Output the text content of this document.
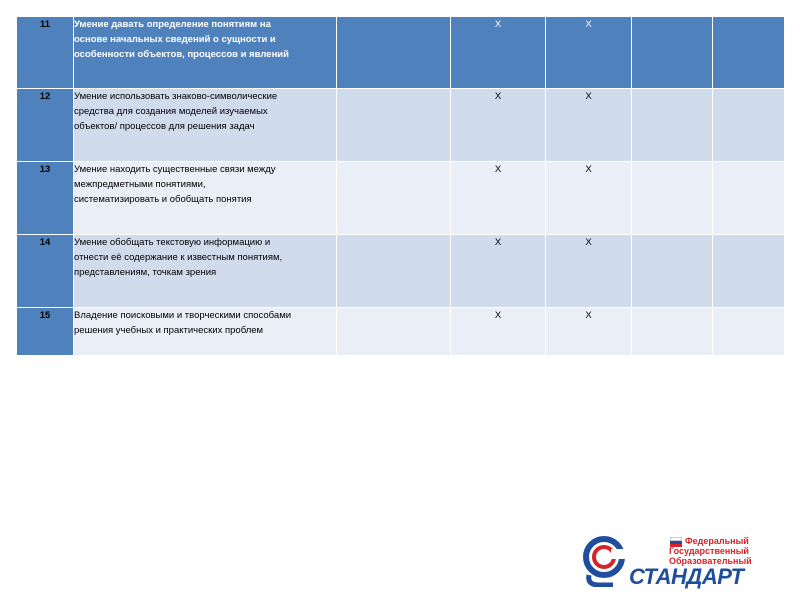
11	Умение давать определение понятиям на
основе начальных сведений о сущности и
особенности объектов, процессов и явлений		Х	Х		
12	Умение использовать знаково-символические
средства для создания моделей изучаемых
объектов/ процессов для решения задач		Х	Х		
13	Умение находить существенные связи между
межпредметными понятиями,
систематизировать и обобщать понятия		Х	Х		
14	Умение обобщать текстовую информацию и
отнести её содержание к известным понятиям,
представлениям, точкам зрения		Х	Х		
15	Владение поисковыми и творческими способами
решения учебных и практических проблем		Х	Х		
Федеральный
Государственный
Образовательный
СТАНДАРТ
